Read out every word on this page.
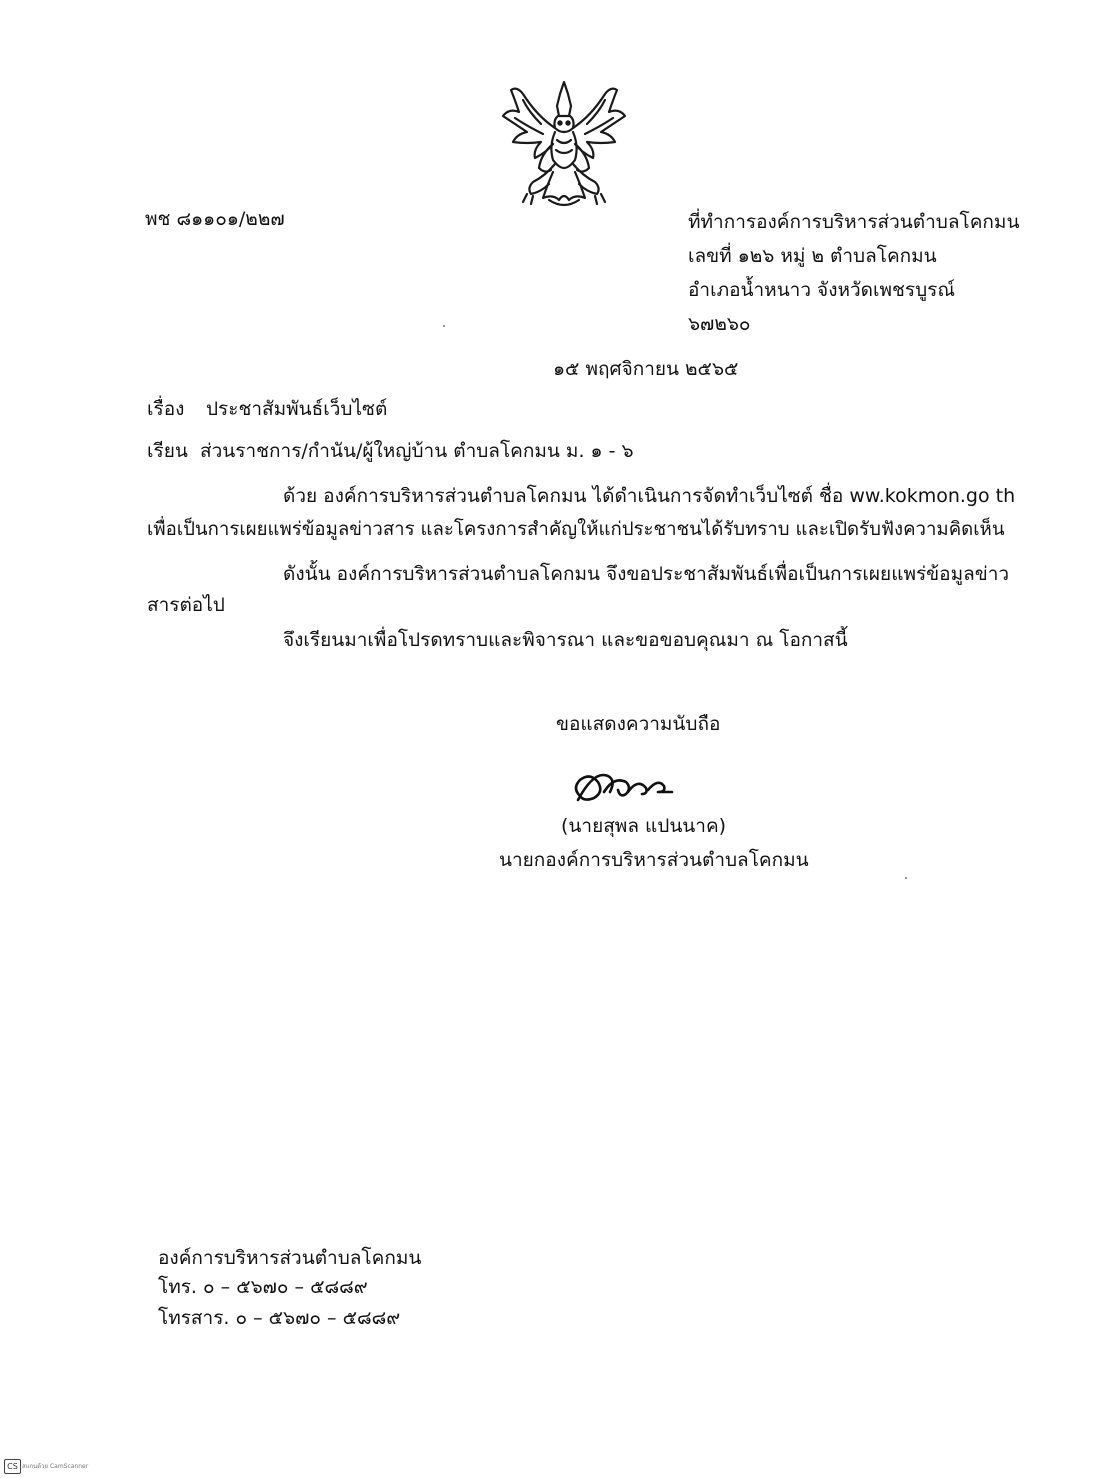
พช ๘๑๑๐๑/๒๒๗	ที่ทำการองค์การบริหารส่วนตำบลโคกมน
เลขที่ ๑๒๖ หมู่ ๒ ตำบลโคกมน
อำเภอน้ำหนาว จังหวัดเพชรบูรณ์
๖๗๒๖๐
๑๕ พฤศจิกายน ๒๕๖๕
เรื่อง ประชาสัมพันธ์เว็บไซต์
เรียน ส่วนราชการ/กำนัน/ผู้ใหญ่บ้าน ตำบลโคกมน ม. ๑ - ๖
ด้วย องค์การบริหารส่วนตำบลโคกมน ได้ดำเนินการจัดทำเว็บไซต์ ชื่อ ww.kokmon.go th
เพื่อเป็นการเผยแพร่ข้อมูลข่าวสาร และโครงการสำคัญให้แก่ประชาชนได้รับทราบ และเปิดรับฟังความคิดเห็น
ดังนั้น องค์การบริหารส่วนตำบลโคกมน จึงขอประชาสัมพันธ์เพื่อเป็นการเผยแพร่ข้อมูลข่าว
สารต่อไป
จึงเรียนมาเพื่อโปรดทราบและพิจารณา และขอขอบคุณมา ณ โอกาสนี้
ขอแสดงความนับถือ
(นายสุพล แปนนาค)
นายกองค์การบริหารส่วนตำบลโคกมน
องค์การบริหารส่วนตำบลโคกมน
โทร. ๐ – ๕๖๗๐ – ๕๘๘๙
โทรสาร. ๐ – ๕๖๗๐ – ๕๘๘๙
CS สแกนด้วย CamScanner
